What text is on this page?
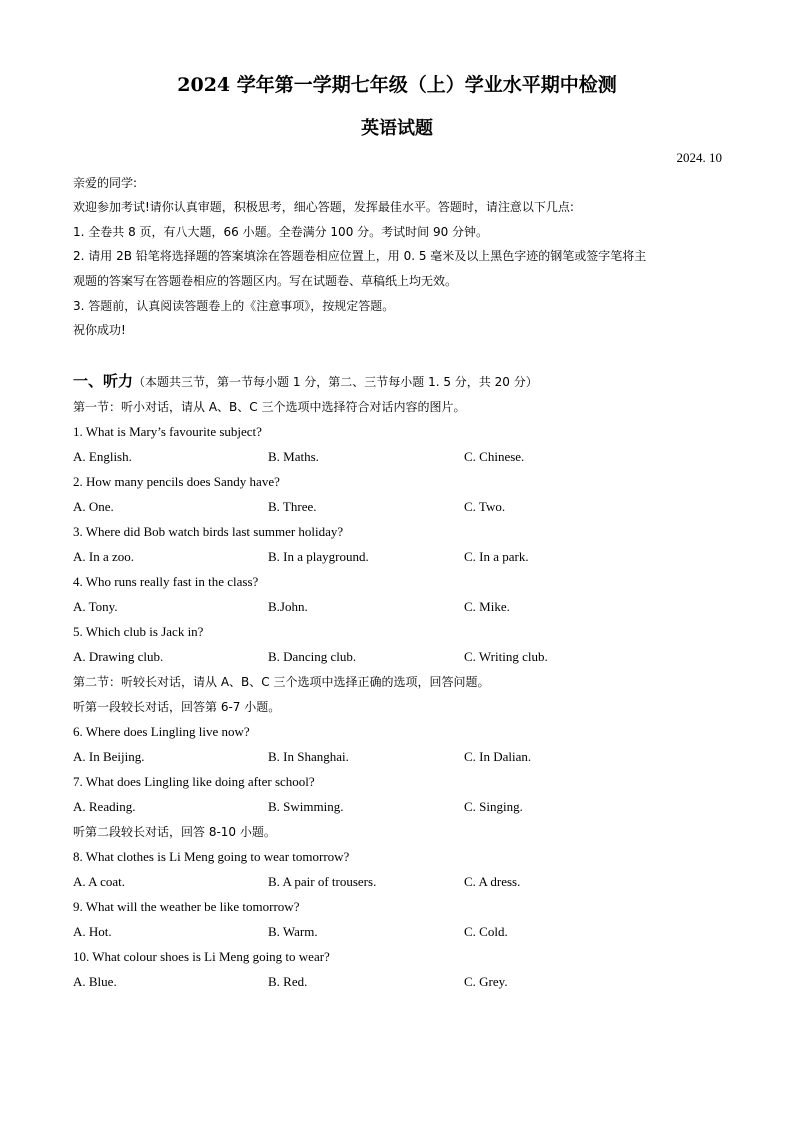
2024 学年第一学期七年级（上）学业水平期中检测
英语试题
2024. 10
亲爱的同学:
欢迎参加考试!请你认真审题，积极思考，细心答题，发挥最佳水平。答题时，请注意以下几点:
1. 全卷共 8 页，有八大题，66 小题。全卷满分 100 分。考试时间 90 分钟。
2. 请用 2B 铅笔将选择题的答案填涂在答题卷相应位置上，用 0. 5 毫米及以上黑色字迹的钢笔或签字笔将主
观题的答案写在答题卷相应的答题区内。写在试题卷、草稿纸上均无效。
3. 答题前，认真阅读答题卷上的《注意事项》，按规定答题。
祝你成功!
一、听力（本题共三节，第一节每小题 1 分，第二、三节每小题 1. 5 分，共 20 分）
第一节：听小对话，请从 A、B、C 三个选项中选择符合对话内容的图片。
1. What is Mary’s favourite subject?
A. English.	B. Maths.	C. Chinese.
2. How many pencils does Sandy have?
A. One.	B. Three.	C. Two.
3. Where did Bob watch birds last summer holiday?
A. In a zoo.	B. In a playground.	C. In a park.
4. Who runs really fast in the class?
A. Tony.	B.John.	C. Mike.
5. Which club is Jack in?
A. Drawing club.	B. Dancing club.	C. Writing club.
第二节：听较长对话，请从 A、B、C 三个选项中选择正确的选项，回答问题。
听第一段较长对话，回答第 6-7 小题。
6. Where does Lingling live now?
A. In Beijing.	B. In Shanghai.	C. In Dalian.
7. What does Lingling like doing after school?
A. Reading.	B. Swimming.	C. Singing.
听第二段较长对话，回答 8-10 小题。
8. What clothes is Li Meng going to wear tomorrow?
A. A coat.	B. A pair of trousers.	C. A dress.
9. What will the weather be like tomorrow?
A. Hot.	B. Warm.	C. Cold.
10. What colour shoes is Li Meng going to wear?
A. Blue.	B. Red.	C. Grey.
